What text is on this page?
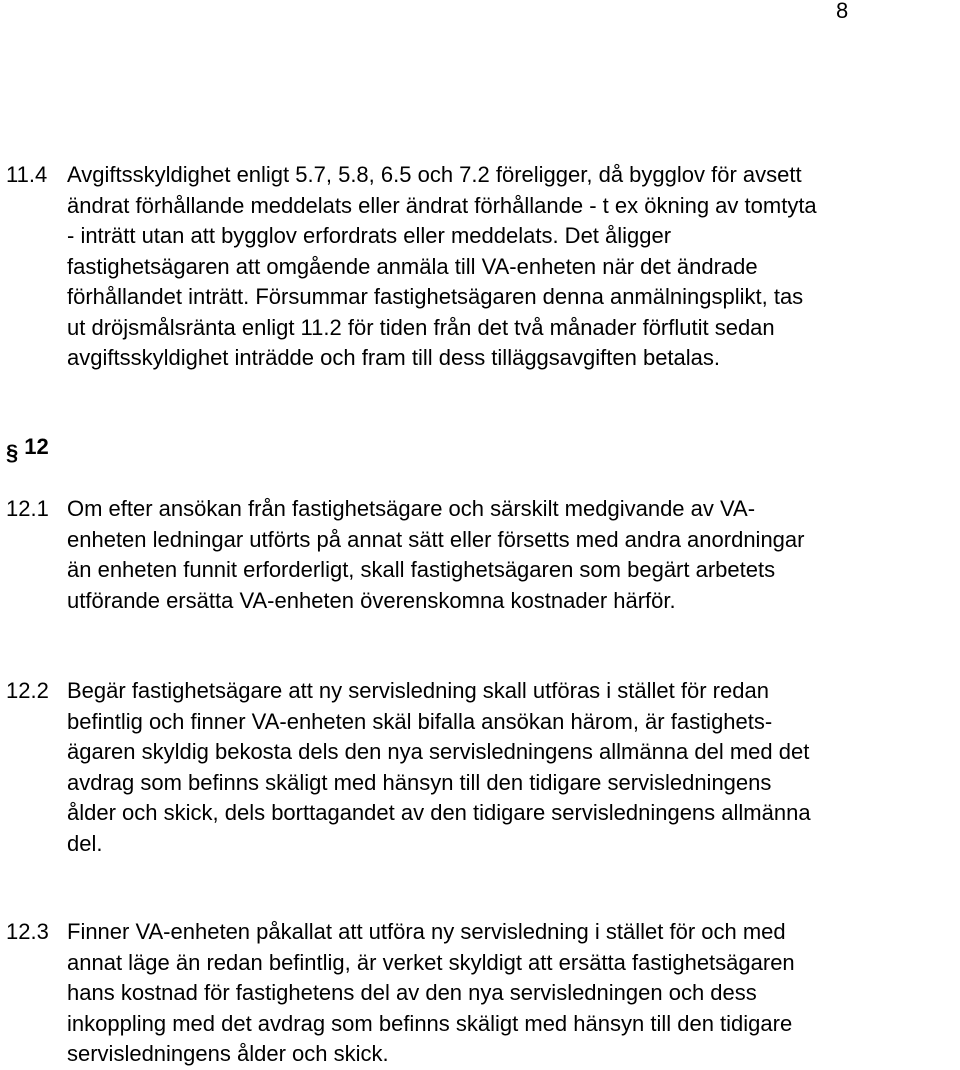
8
11.4 Avgiftsskyldighet enligt 5.7, 5.8, 6.5 och 7.2 föreligger, då bygglov för avsett
ändrat förhållande meddelats eller ändrat förhållande - t ex ökning av tomtyta
- inträtt utan att bygglov erfordrats eller meddelats. Det åligger
fastighetsägaren att omgående anmäla till VA-enheten när det ändrade
förhållandet inträtt. Försummar fastighetsägaren denna anmälningsplikt, tas
ut dröjsmålsränta enligt 11.2 för tiden från det två månader förflutit sedan
avgiftsskyldighet inträdde och fram till dess tilläggsavgiften betalas.
§ 12
12.1 Om efter ansökan från fastighetsägare och särskilt medgivande av VA-
enheten ledningar utförts på annat sätt eller försetts med andra anordningar
än enheten funnit erforderligt, skall fastighetsägaren som begärt arbetets
utförande ersätta VA-enheten överenskomna kostnader härför.
12.2 Begär fastighetsägare att ny servisledning skall utföras i stället för redan
befintlig och finner VA-enheten skäl bifalla ansökan härom, är fastighets-
ägaren skyldig bekosta dels den nya servisledningens allmänna del med det
avdrag som befinns skäligt med hänsyn till den tidigare servisledningens
ålder och skick, dels borttagandet av den tidigare servisledningens allmänna
del.
12.3 Finner VA-enheten påkallat att utföra ny servisledning i stället för och med
annat läge än redan befintlig, är verket skyldigt att ersätta fastighetsägaren
hans kostnad för fastighetens del av den nya servisledningen och dess
inkoppling med det avdrag som befinns skäligt med hänsyn till den tidigare
servisledningens ålder och skick.
